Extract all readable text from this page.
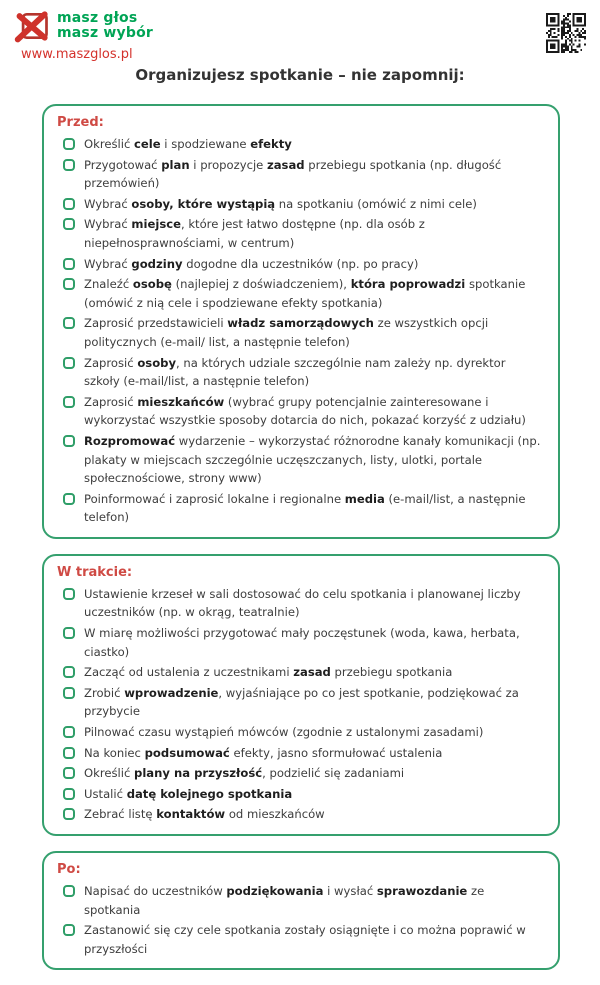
masz głos
masz wybór
www.maszglos.pl
Organizujesz spotkanie – nie zapomnij:
Przed:
Określić cele i spodziewane efekty
Przygotować plan i propozycje zasad przebiegu spotkania (np. długość przemówień)
Wybrać osoby, które wystąpią na spotkaniu (omówić z nimi cele)
Wybrać miejsce, które jest łatwo dostępne (np. dla osób z niepełnosprawnościami, w centrum)
Wybrać godziny dogodne dla uczestników (np. po pracy)
Znaleźć osobę (najlepiej z doświadczeniem), która poprowadzi spotkanie (omówić z nią cele i spodziewane efekty spotkania)
Zaprosić przedstawicieli władz samorządowych ze wszystkich opcji politycznych (e-mail/ list, a następnie telefon)
Zaprosić osoby, na których udziale szczególnie nam zależy np. dyrektor szkoły (e-mail/list, a następnie telefon)
Zaprosić mieszkańców (wybrać grupy potencjalnie zainteresowane i wykorzystać wszystkie sposoby dotarcia do nich, pokazać korzyść z udziału)
Rozpromować wydarzenie – wykorzystać różnorodne kanały komunikacji (np. plakaty w miejscach szczególnie uczęszczanych, listy, ulotki, portale społecznościowe, strony www)
Poinformować i zaprosić lokalne i regionalne media (e-mail/list, a następnie telefon)
W trakcie:
Ustawienie krzeseł w sali dostosować do celu spotkania i planowanej liczby uczestników (np. w okrąg, teatralnie)
W miarę możliwości przygotować mały poczęstunek (woda, kawa, herbata, ciastko)
Zacząć od ustalenia z uczestnikami zasad przebiegu spotkania
Zrobić wprowadzenie, wyjaśniające po co jest spotkanie, podziękować za przybycie
Pilnować czasu wystąpień mówców (zgodnie z ustalonymi zasadami)
Na koniec podsumować efekty, jasno sformułować ustalenia
Określić plany na przyszłość, podzielić się zadaniami
Ustalić datę kolejnego spotkania
Zebrać listę kontaktów od mieszkańców
Po:
Napisać do uczestników podziękowania i wysłać sprawozdanie ze spotkania
Zastanowić się czy cele spotkania zostały osiągnięte i co można poprawić w przyszłości
